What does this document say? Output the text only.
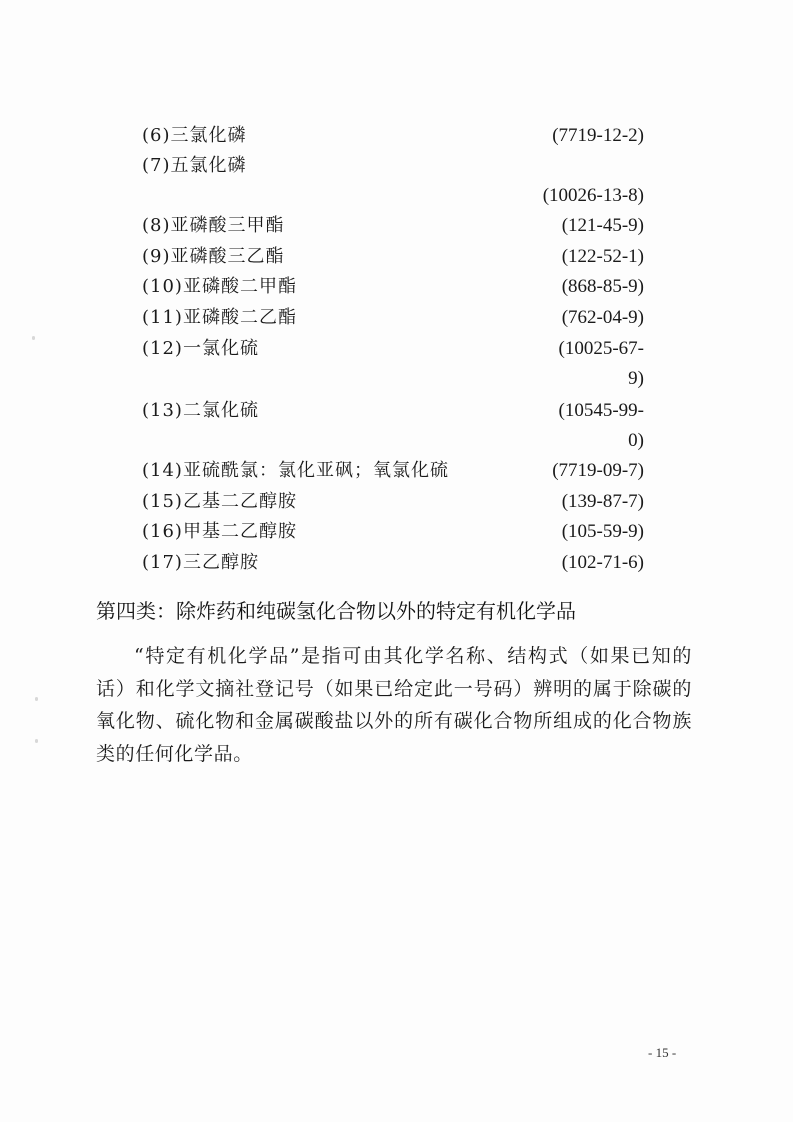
(6)三氯化磷	(7719-12-2)
(7)五氯化磷
(10026-13-8)
(8)亚磷酸三甲酯	(121-45-9)
(9)亚磷酸三乙酯	(122-52-1)
(10)亚磷酸二甲酯	(868-85-9)
(11)亚磷酸二乙酯	(762-04-9)
(12)一氯化硫	(10025-67-
9)
(13)二氯化硫	(10545-99-
0)
(14)亚硫酰氯：氯化亚砜；氧氯化硫	(7719-09-7)
(15)乙基二乙醇胺	(139-87-7)
(16)甲基二乙醇胺	(105-59-9)
(17)三乙醇胺	(102-71-6)
第四类：除炸药和纯碳氢化合物以外的特定有机化学品

“特定有机化学品”是指可由其化学名称、结构式（如果已知的话）和化学文摘社登记号（如果已给定此一号码）辨明的属于除碳的氧化物、硫化物和金属碳酸盐以外的所有碳化合物所组成的化合物族类的任何化学品。

- 15 -
